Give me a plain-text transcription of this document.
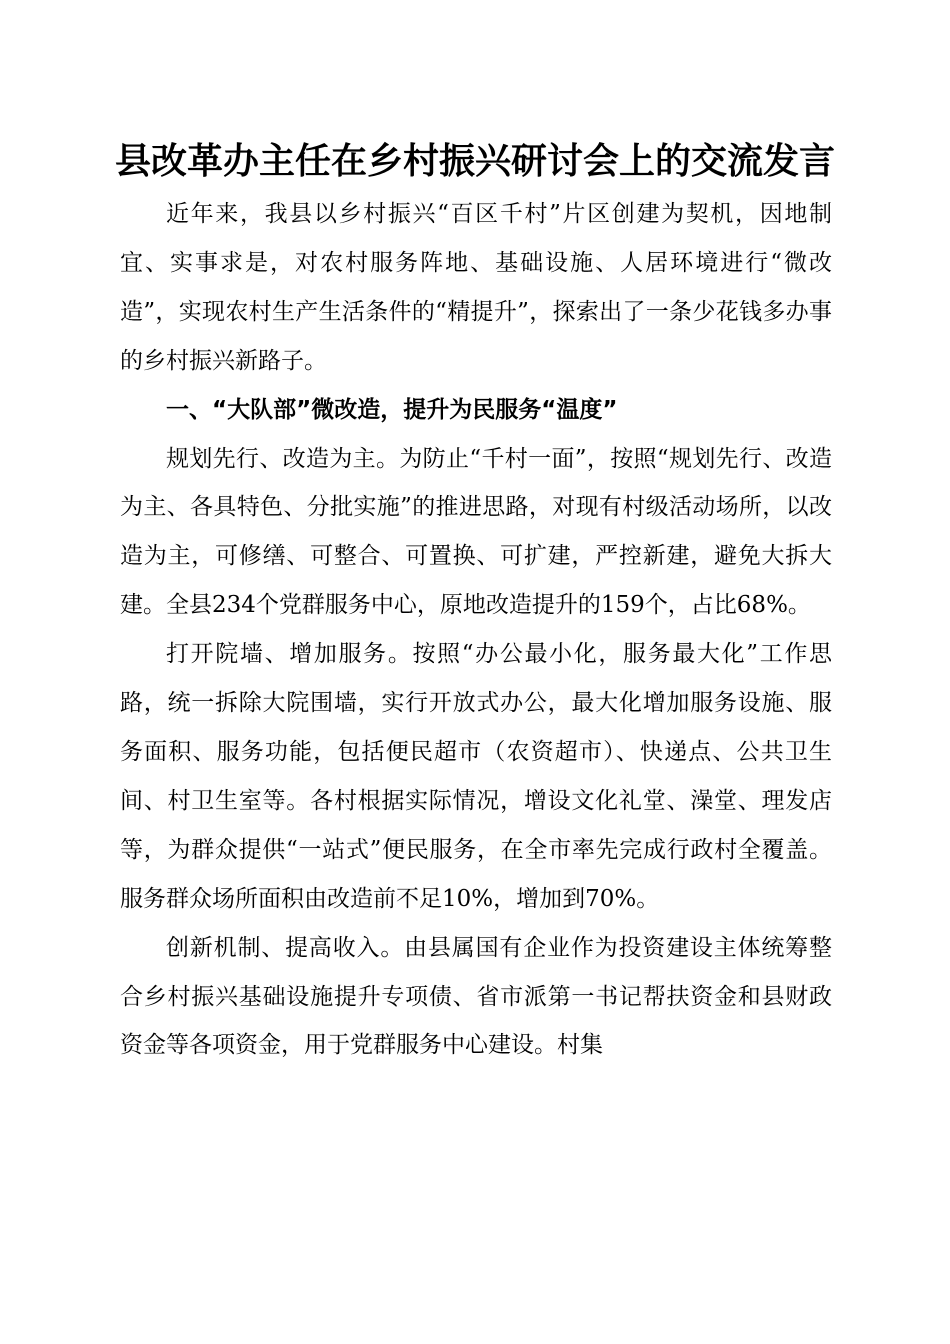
县改革办主任在乡村振兴研讨会上的交流发言

近年来，我县以乡村振兴“百区千村”片区创建为契机，因地制宜、实事求是，对农村服务阵地、基础设施、人居环境进行“微改造”，实现农村生产生活条件的“精提升”，探索出了一条少花钱多办事的乡村振兴新路子。

一、“大队部”微改造，提升为民服务“温度”

规划先行、改造为主。为防止“千村一面”，按照“规划先行、改造为主、各具特色、分批实施”的推进思路，对现有村级活动场所，以改造为主，可修缮、可整合、可置换、可扩建，严控新建，避免大拆大建。全县234个党群服务中心，原地改造提升的159个，占比68%。

打开院墙、增加服务。按照“办公最小化，服务最大化”工作思路，统一拆除大院围墙，实行开放式办公，最大化增加服务设施、服务面积、服务功能，包括便民超市（农资超市）、快递点、公共卫生间、村卫生室等。各村根据实际情况，增设文化礼堂、澡堂、理发店等，为群众提供“一站式”便民服务，在全市率先完成行政村全覆盖。服务群众场所面积由改造前不足10%，增加到70%。

创新机制、提高收入。由县属国有企业作为投资建设主体统筹整合乡村振兴基础设施提升专项债、省市派第一书记帮扶资金和县财政资金等各项资金，用于党群服务中心建设。村集
